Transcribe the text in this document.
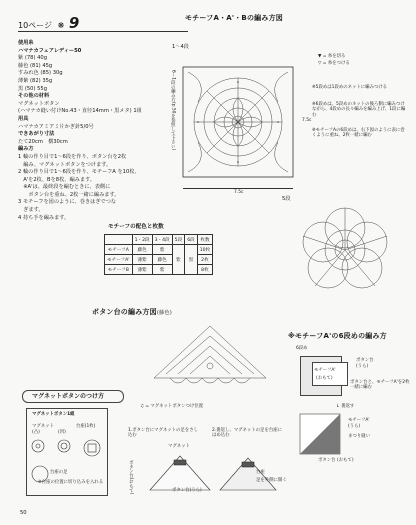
10ページ ❋ 9
使用糸
ハマナカフェアレディー50
紫 (78) 40g
藤色 (81) 45g
すみれ色 (85) 30g
薄紫 (82) 35g
黒 (50) 55g
その他の材料
マグネットボタン
(ハマナカ縫い付けNo.43・直径14mm・黒メタ) 1組
用具
ハマナカアミアミ片かぎ針5/0号
できあがり寸法
たて20cm　横30cm
編み方
1 輪の作り目で1〜6段を作り、ボタン台を2枚
　編み、マグネットボタンをつけます。
2 輪の作り目で1〜6段を作り、モチーフA を10枚、
　A'を2枚、Bを8枚、編みます。
　※A'は、最終段を編むときに、表側に
　　ボタン台を重ね、2枚一緒に編みます。
3 モチーフを図のように、巻きはぎでつな
　ぎます。
4 持ち手を編みます。
モチーフA・A'・Bの編み方図
1〜4段
6〜1段の編み方(p.50を参照して下さい)
7.5c
7.5c
▼ = 糸を切る
▽ = 糸をつける
※5段めは1段めのネットに編みつける
※6段めは、5段めのネットの後ろ側に編みつけながら、4段めの長々編みを編み上げ、1段に編む
※モチーフAの6段めは、右下図のように表に巻くように重ね、2枚一緒に編む
5段
モチーフの配色と枚数
	1・2段	3・4段	5段	6段	枚数
モチーフA	藤色	紫	紫	黒	10枚
モチーフA'	薄紫	藤色			2枚
モチーフB	薄紫	紫			8枚
ボタン台の編み方図(藤色)
※モチーフA'の6段めの編み方
6段め
モチーフA'
(おもて)
ボタン台
(うら)
ボタン台と、モチーフA'を2枚一緒に編む
↓ 裏返す
モチーフA'
(うら)
まつり縫い
ボタン台 (おもて)
マグネットボタンのつけ方
マグネットボタン1組
マグネット
(凸)	(凹)
台座(1枚)
台座の足
※台座の位置に切り込みを入れる
♫ = マグネットボタンつけ位置
1.ボタン台にマグネットの足をさし込む
2.裏返し、マグネットの足を台座にはめ込む
ボタン台(おもて)
マグネット
ボタン台(うら)
台座
足を外側に開く
50
